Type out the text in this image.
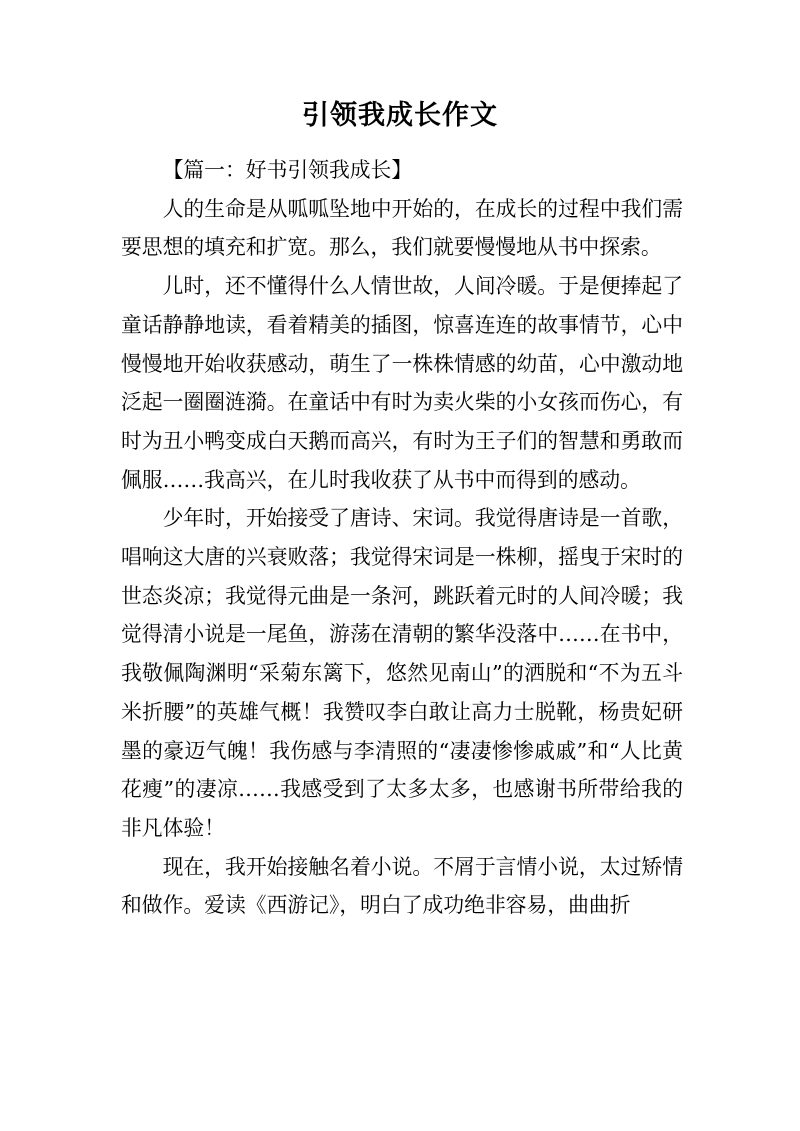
引领我成长作文

【篇一：好书引领我成长】

人的生命是从呱呱坠地中开始的，在成长的过程中我们需要思想的填充和扩宽。那么，我们就要慢慢地从书中探索。

儿时，还不懂得什么人情世故，人间冷暖。于是便捧起了童话静静地读，看着精美的插图，惊喜连连的故事情节，心中慢慢地开始收获感动，萌生了一株株情感的幼苗，心中激动地泛起一圈圈涟漪。在童话中有时为卖火柴的小女孩而伤心，有时为丑小鸭变成白天鹅而高兴，有时为王子们的智慧和勇敢而佩服……我高兴，在儿时我收获了从书中而得到的感动。

少年时，开始接受了唐诗、宋词。我觉得唐诗是一首歌，唱响这大唐的兴衰败落；我觉得宋词是一株柳，摇曳于宋时的世态炎凉；我觉得元曲是一条河，跳跃着元时的人间冷暖；我觉得清小说是一尾鱼，游荡在清朝的繁华没落中……在书中，我敬佩陶渊明“采菊东篱下，悠然见南山”的洒脱和“不为五斗米折腰”的英雄气概！我赞叹李白敢让高力士脱靴，杨贵妃研墨的豪迈气魄！我伤感与李清照的“凄凄惨惨戚戚”和“人比黄花瘦”的凄凉……我感受到了太多太多，也感谢书所带给我的非凡体验！

现在，我开始接触名着小说。不屑于言情小说，太过矫情和做作。爱读《西游记》，明白了成功绝非容易，曲曲折
